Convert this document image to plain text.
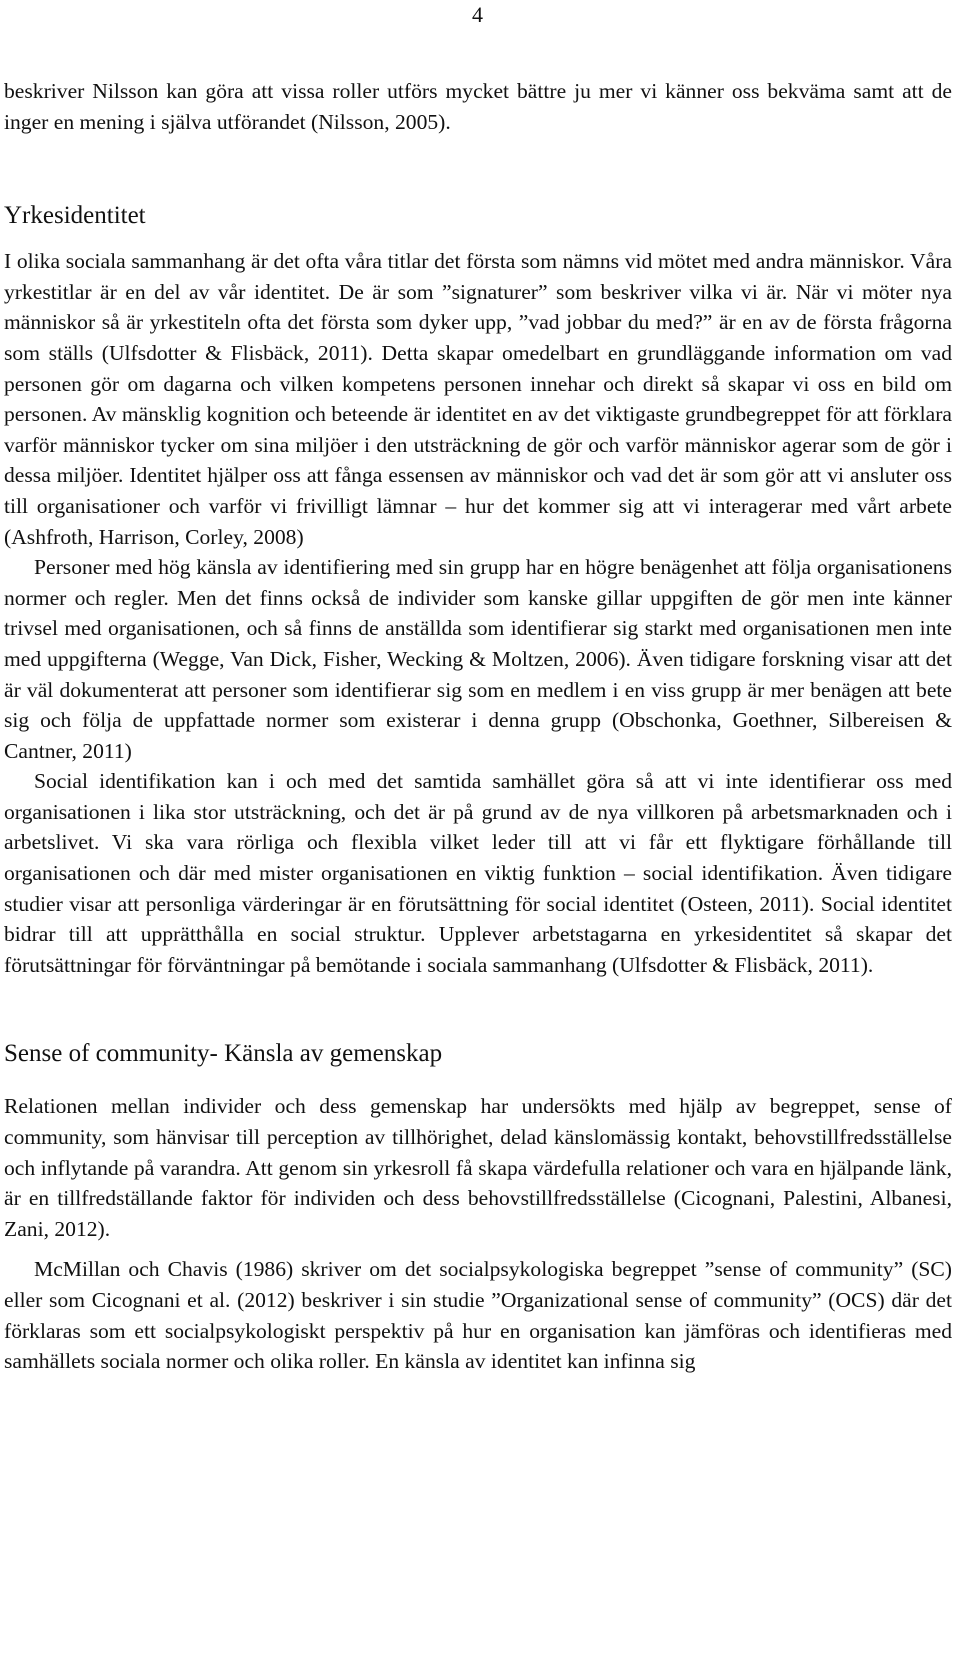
4

beskriver Nilsson kan göra att vissa roller utförs mycket bättre ju mer vi känner oss bekväma samt att de inger en mening i själva utförandet (Nilsson, 2005).

Yrkesidentitet

I olika sociala sammanhang är det ofta våra titlar det första som nämns vid mötet med andra människor. Våra yrkestitlar är en del av vår identitet. De är som ”signaturer” som beskriver vilka vi är. När vi möter nya människor så är yrkestiteln ofta det första som dyker upp, ”vad jobbar du med?” är en av de första frågorna som ställs (Ulfsdotter & Flisbäck, 2011). Detta skapar omedelbart en grundläggande information om vad personen gör om dagarna och vilken kompetens personen innehar och direkt så skapar vi oss en bild om personen. Av mänsklig kognition och beteende är identitet en av det viktigaste grundbegreppet för att förklara varför människor tycker om sina miljöer i den utsträckning de gör och varför människor agerar som de gör i dessa miljöer. Identitet hjälper oss att fånga essensen av människor och vad det är som gör att vi ansluter oss till organisationer och varför vi frivilligt lämnar – hur det kommer sig att vi interagerar med vårt arbete (Ashfroth, Harrison, Corley, 2008)

Personer med hög känsla av identifiering med sin grupp har en högre benägenhet att följa organisationens normer och regler. Men det finns också de individer som kanske gillar uppgiften de gör men inte känner trivsel med organisationen, och så finns de anställda som identifierar sig starkt med organisationen men inte med uppgifterna (Wegge, Van Dick, Fisher, Wecking & Moltzen, 2006). Även tidigare forskning visar att det är väl dokumenterat att personer som identifierar sig som en medlem i en viss grupp är mer benägen att bete sig och följa de uppfattade normer som existerar i denna grupp (Obschonka, Goethner, Silbereisen & Cantner, 2011)

Social identifikation kan i och med det samtida samhället göra så att vi inte identifierar oss med organisationen i lika stor utsträckning, och det är på grund av de nya villkoren på arbetsmarknaden och i arbetslivet. Vi ska vara rörliga och flexibla vilket leder till att vi får ett flyktigare förhållande till organisationen och där med mister organisationen en viktig funktion – social identifikation. Även tidigare studier visar att personliga värderingar är en förutsättning för social identitet (Osteen, 2011). Social identitet bidrar till att upprätthålla en social struktur. Upplever arbetstagarna en yrkesidentitet så skapar det förutsättningar för förväntningar på bemötande i sociala sammanhang (Ulfsdotter & Flisbäck, 2011).

Sense of community- Känsla av gemenskap

Relationen mellan individer och dess gemenskap har undersökts med hjälp av begreppet, sense of community, som hänvisar till perception av tillhörighet, delad känslomässig kontakt, behovstillfredsställelse och inflytande på varandra. Att genom sin yrkesroll få skapa värdefulla relationer och vara en hjälpande länk, är en tillfredställande faktor för individen och dess behovstillfredsställelse (Cicognani, Palestini, Albanesi, Zani, 2012).

McMillan och Chavis (1986) skriver om det socialpsykologiska begreppet ”sense of community” (SC) eller som Cicognani et al. (2012) beskriver i sin studie ”Organizational sense of community” (OCS) där det förklaras som ett socialpsykologiskt perspektiv på hur en organisation kan jämföras och identifieras med samhällets sociala normer och olika roller. En känsla av identitet kan infinna sig
